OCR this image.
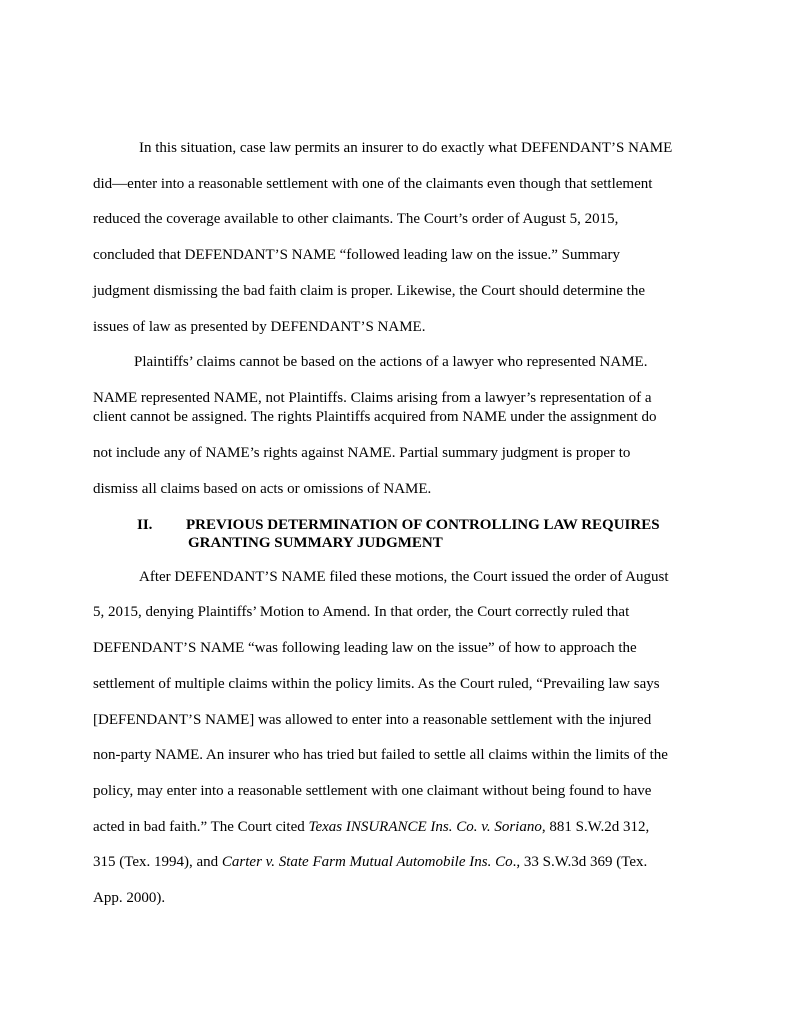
In this situation, case law permits an insurer to do exactly what DEFENDANT’S NAME
did—enter into a reasonable settlement with one of the claimants even though that settlement
reduced the coverage available to other claimants. The Court’s order of August 5, 2015,
concluded that DEFENDANT’S NAME “followed leading law on the issue.” Summary
judgment dismissing the bad faith claim is proper. Likewise, the Court should determine the
issues of law as presented by DEFENDANT’S NAME.
Plaintiffs’ claims cannot be based on the actions of a lawyer who represented NAME.
NAME represented NAME, not Plaintiffs. Claims arising from a lawyer’s representation of a
client cannot be assigned. The rights Plaintiffs acquired from NAME under the assignment do
not include any of NAME’s rights against NAME. Partial summary judgment is proper to
dismiss all claims based on acts or omissions of NAME.
II. PREVIOUS DETERMINATION OF CONTROLLING LAW REQUIRES
GRANTING SUMMARY JUDGMENT
After DEFENDANT’S NAME filed these motions, the Court issued the order of August
5, 2015, denying Plaintiffs’ Motion to Amend. In that order, the Court correctly ruled that
DEFENDANT’S NAME “was following leading law on the issue” of how to approach the
settlement of multiple claims within the policy limits. As the Court ruled, “Prevailing law says
[DEFENDANT’S NAME] was allowed to enter into a reasonable settlement with the injured
non-party NAME. An insurer who has tried but failed to settle all claims within the limits of the
policy, may enter into a reasonable settlement with one claimant without being found to have
acted in bad faith.” The Court cited Texas INSURANCE Ins. Co. v. Soriano, 881 S.W.2d 312,
315 (Tex. 1994), and Carter v. State Farm Mutual Automobile Ins. Co., 33 S.W.3d 369 (Tex.
App. 2000).
